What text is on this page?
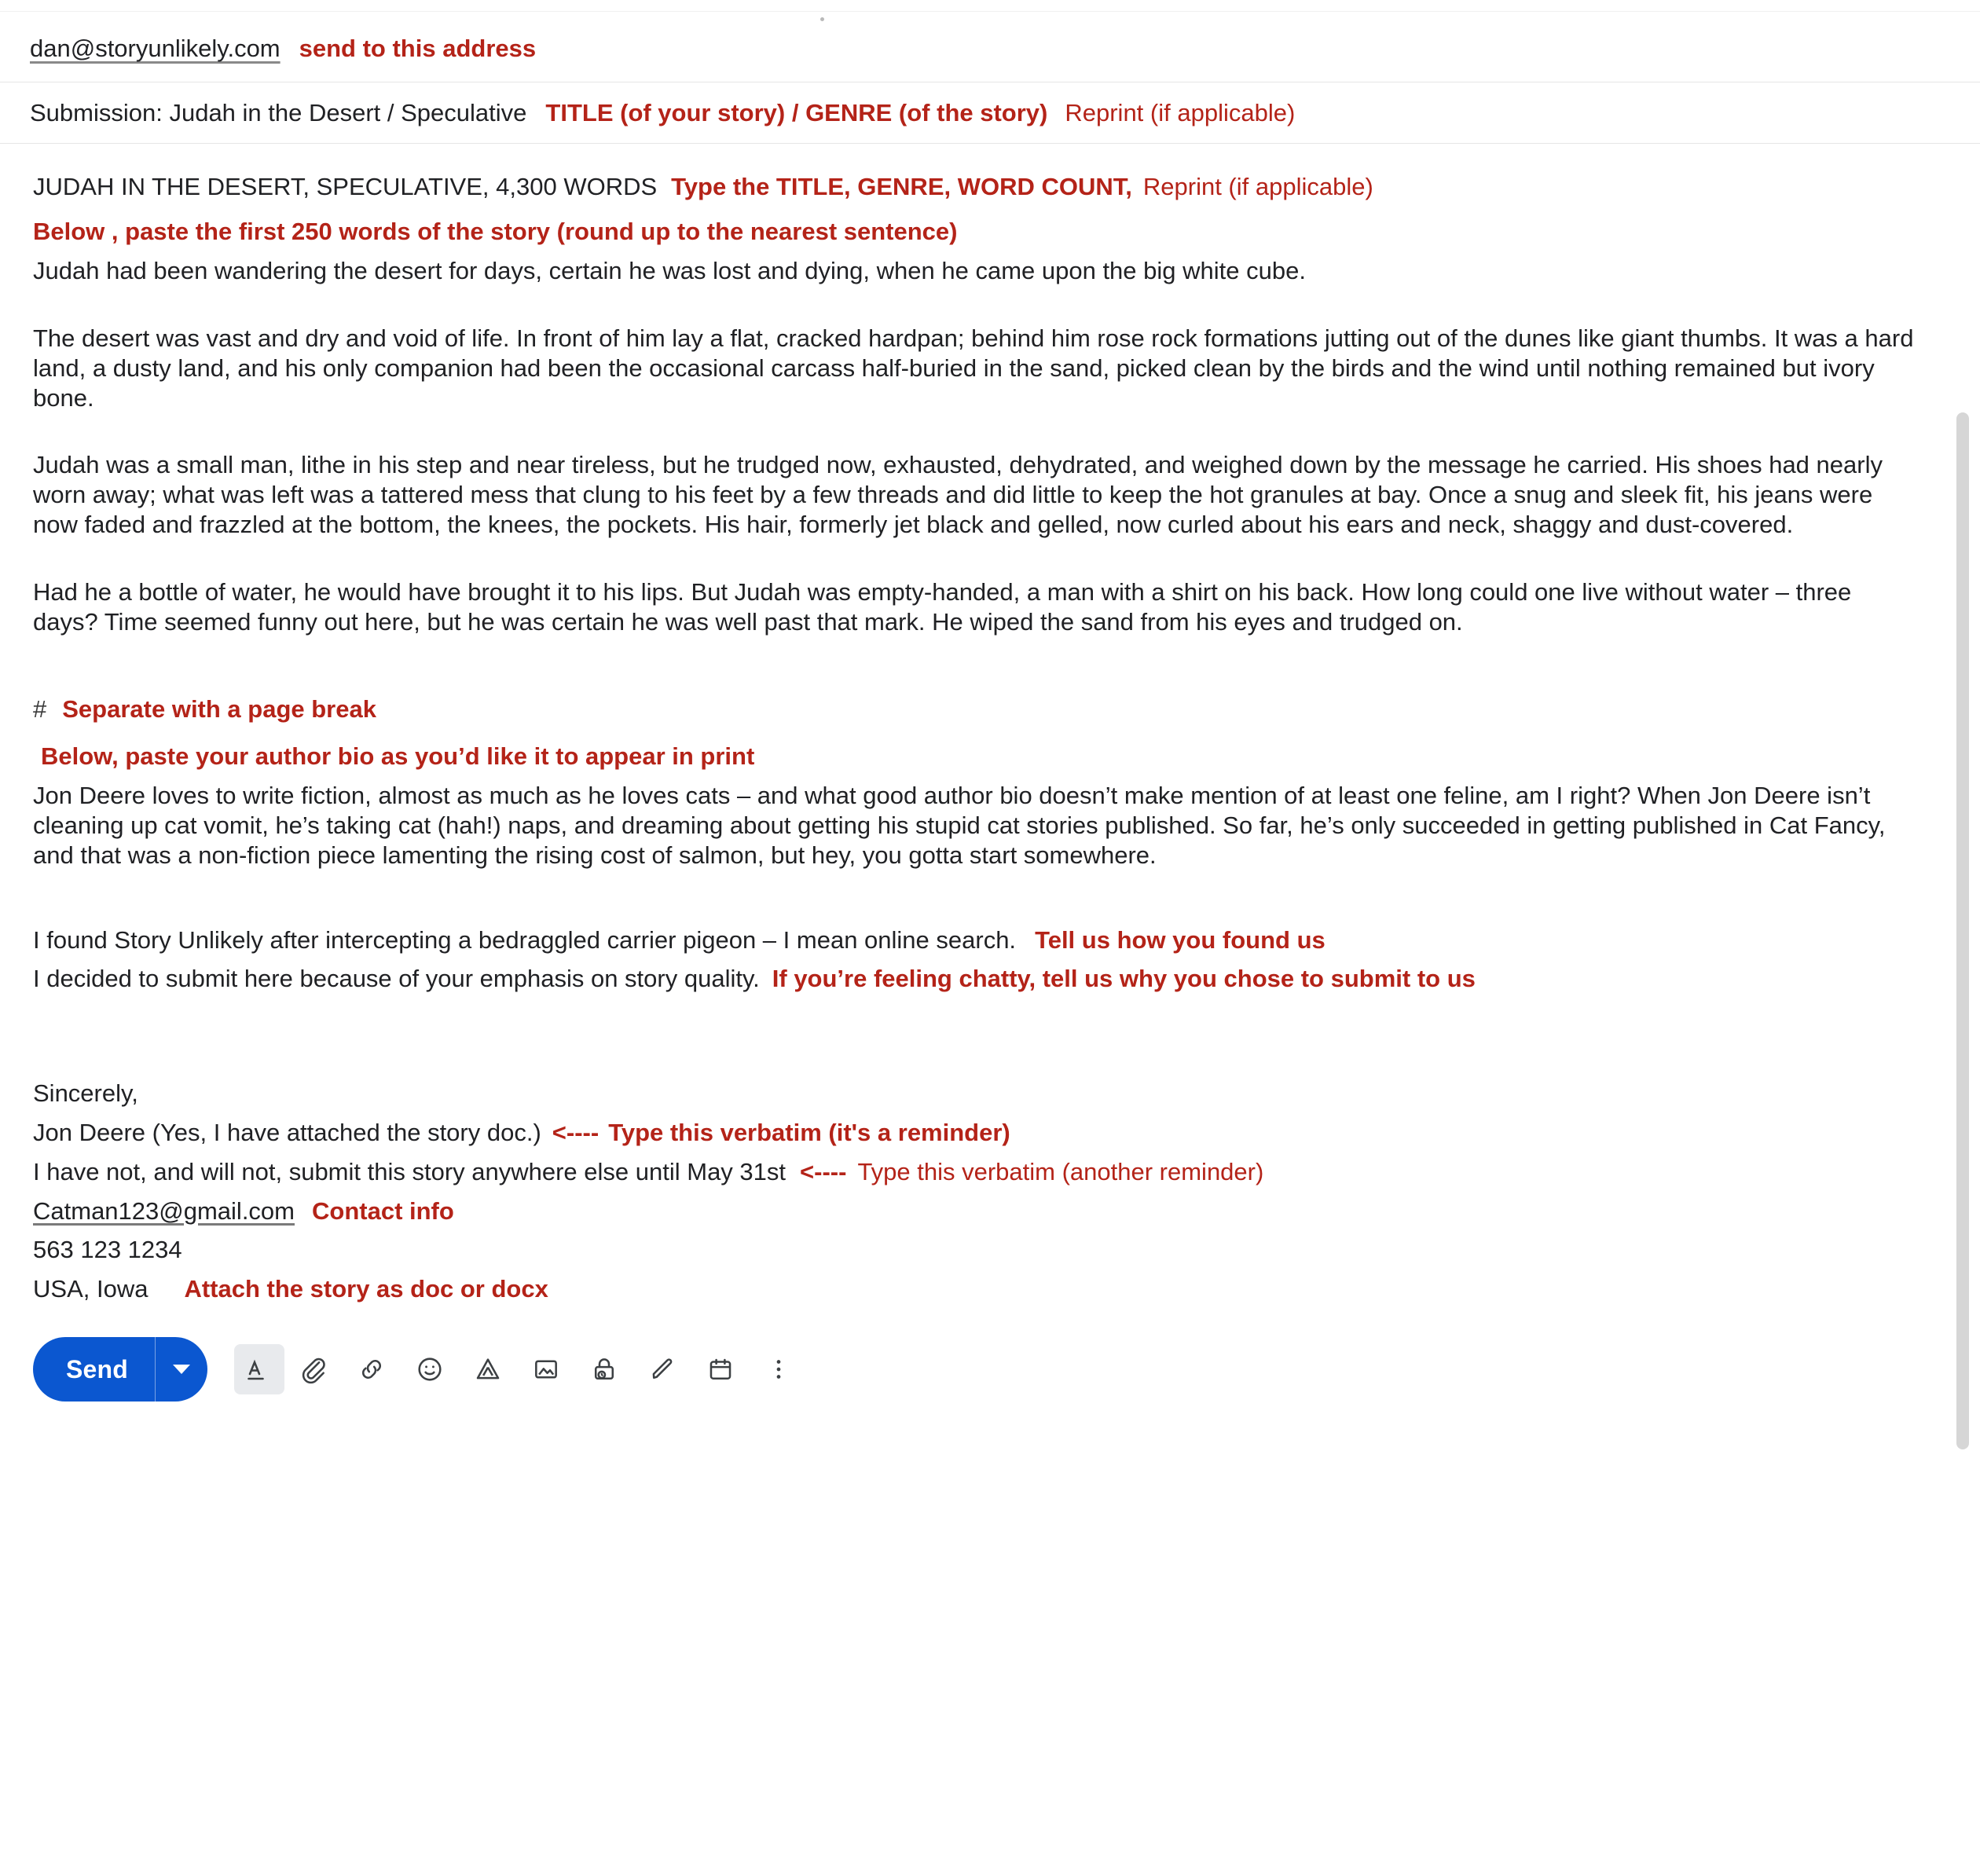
dan@storyunlikely.com send to this address
Submission: Judah in the Desert / Speculative TITLE (of your story) / GENRE (of the story) Reprint (if applicable)

JUDAH IN THE DESERT, SPECULATIVE, 4,300 WORDS Type the TITLE, GENRE, WORD COUNT, Reprint (if applicable)

Below , paste the first 250 words of the story (round up to the nearest sentence)

Judah had been wandering the desert for days, certain he was lost and dying, when he came upon the big white cube.

The desert was vast and dry and void of life. In front of him lay a flat, cracked hardpan; behind him rose rock formations jutting out of the dunes like giant thumbs. It was a hard land, a dusty land, and his only companion had been the occasional carcass half-buried in the sand, picked clean by the birds and the wind until nothing remained but ivory bone.

Judah was a small man, lithe in his step and near tireless, but he trudged now, exhausted, dehydrated, and weighed down by the message he carried. His shoes had nearly worn away; what was left was a tattered mess that clung to his feet by a few threads and did little to keep the hot granules at bay. Once a snug and sleek fit, his jeans were now faded and frazzled at the bottom, the knees, the pockets. His hair, formerly jet black and gelled, now curled about his ears and neck, shaggy and dust-covered.

Had he a bottle of water, he would have brought it to his lips. But Judah was empty-handed, a man with a shirt on his back. How long could one live without water – three days? Time seemed funny out here, but he was certain he was well past that mark. He wiped the sand from his eyes and trudged on.

# Separate with a page break

Below, paste your author bio as you’d like it to appear in print

Jon Deere loves to write fiction, almost as much as he loves cats – and what good author bio doesn’t make mention of at least one feline, am I right? When Jon Deere isn’t cleaning up cat vomit, he’s taking cat (hah!) naps, and dreaming about getting his stupid cat stories published. So far, he’s only succeeded in getting published in Cat Fancy, and that was a non-fiction piece lamenting the rising cost of salmon, but hey, you gotta start somewhere.

I found Story Unlikely after intercepting a bedraggled carrier pigeon – I mean online search. Tell us how you found us

I decided to submit here because of your emphasis on story quality. If you’re feeling chatty, tell us why you chose to submit to us

Sincerely,

Jon Deere (Yes, I have attached the story doc.) <---- Type this verbatim (it's a reminder)

I have not, and will not, submit this story anywhere else until May 31st <---- Type this verbatim (another reminder)

Catman123@gmail.com Contact info

563 123 1234

USA, Iowa Attach the story as doc or docx

Send
